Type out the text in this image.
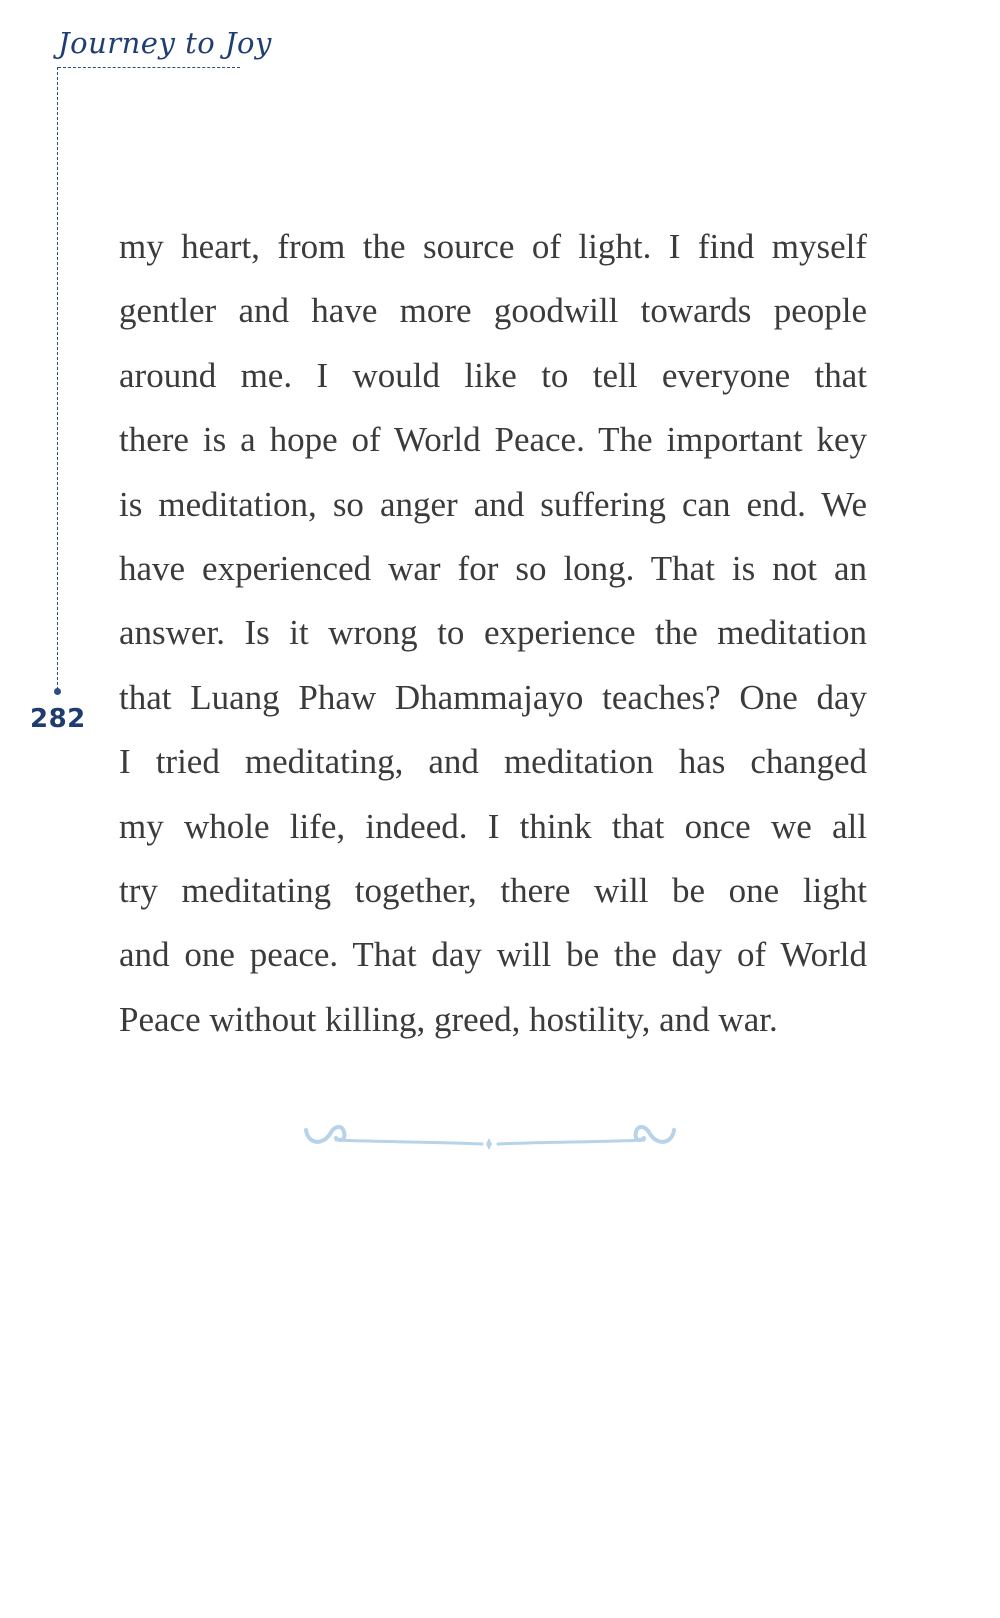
Journey to Joy
282
my heart, from the source of light. I find myself
gentler and have more goodwill towards people
around me. I would like to tell everyone that
there is a hope of World Peace. The important key
is meditation, so anger and suffering can end. We
have experienced war for so long. That is not an
answer. Is it wrong to experience the meditation
that Luang Phaw Dhammajayo teaches? One day
I tried meditating, and meditation has changed
my whole life, indeed. I think that once we all
try meditating together, there will be one light
and one peace. That day will be the day of World
Peace without killing, greed, hostility, and war.
